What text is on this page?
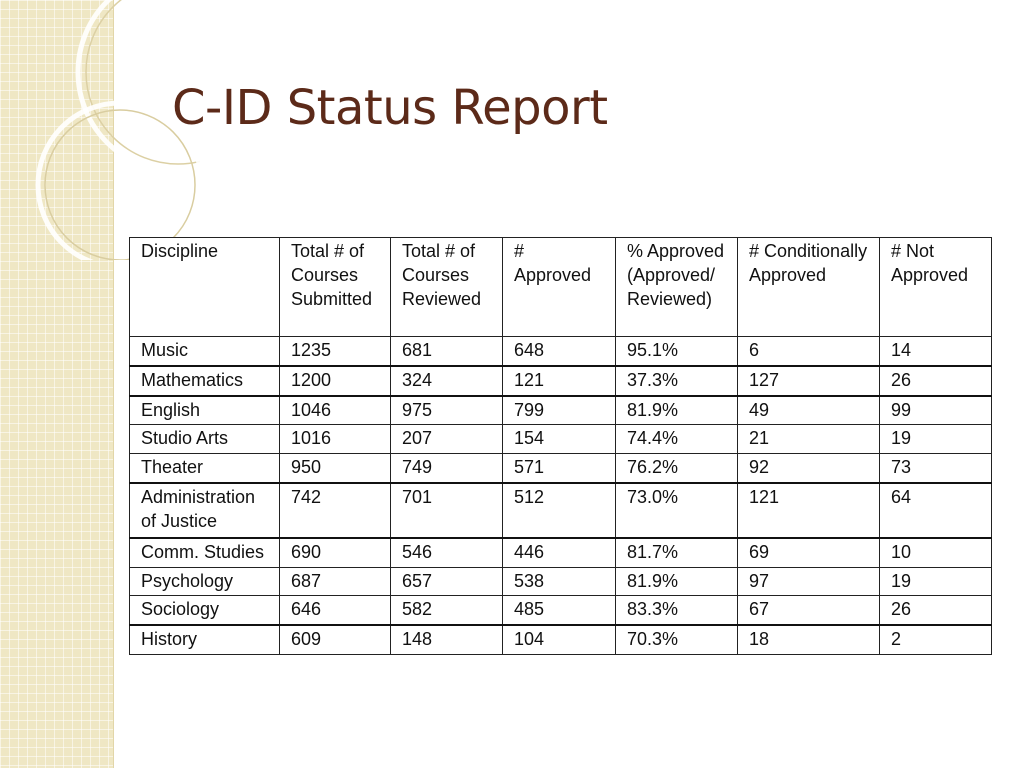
C-ID Status Report
Discipline	Total # of Courses Submitted	Total # of Courses Reviewed	# Approved	% Approved (Approved/ Reviewed)	# Conditionally Approved	# Not Approved
Music	1235	681	648	95.1%	6	14
Mathematics	1200	324	121	37.3%	127	26
English	1046	975	799	81.9%	49	99
Studio Arts	1016	207	154	74.4%	21	19
Theater	950	749	571	76.2%	92	73
Administration of Justice	742	701	512	73.0%	121	64
Comm. Studies	690	546	446	81.7%	69	10
Psychology	687	657	538	81.9%	97	19
Sociology	646	582	485	83.3%	67	26
History	609	148	104	70.3%	18	2
